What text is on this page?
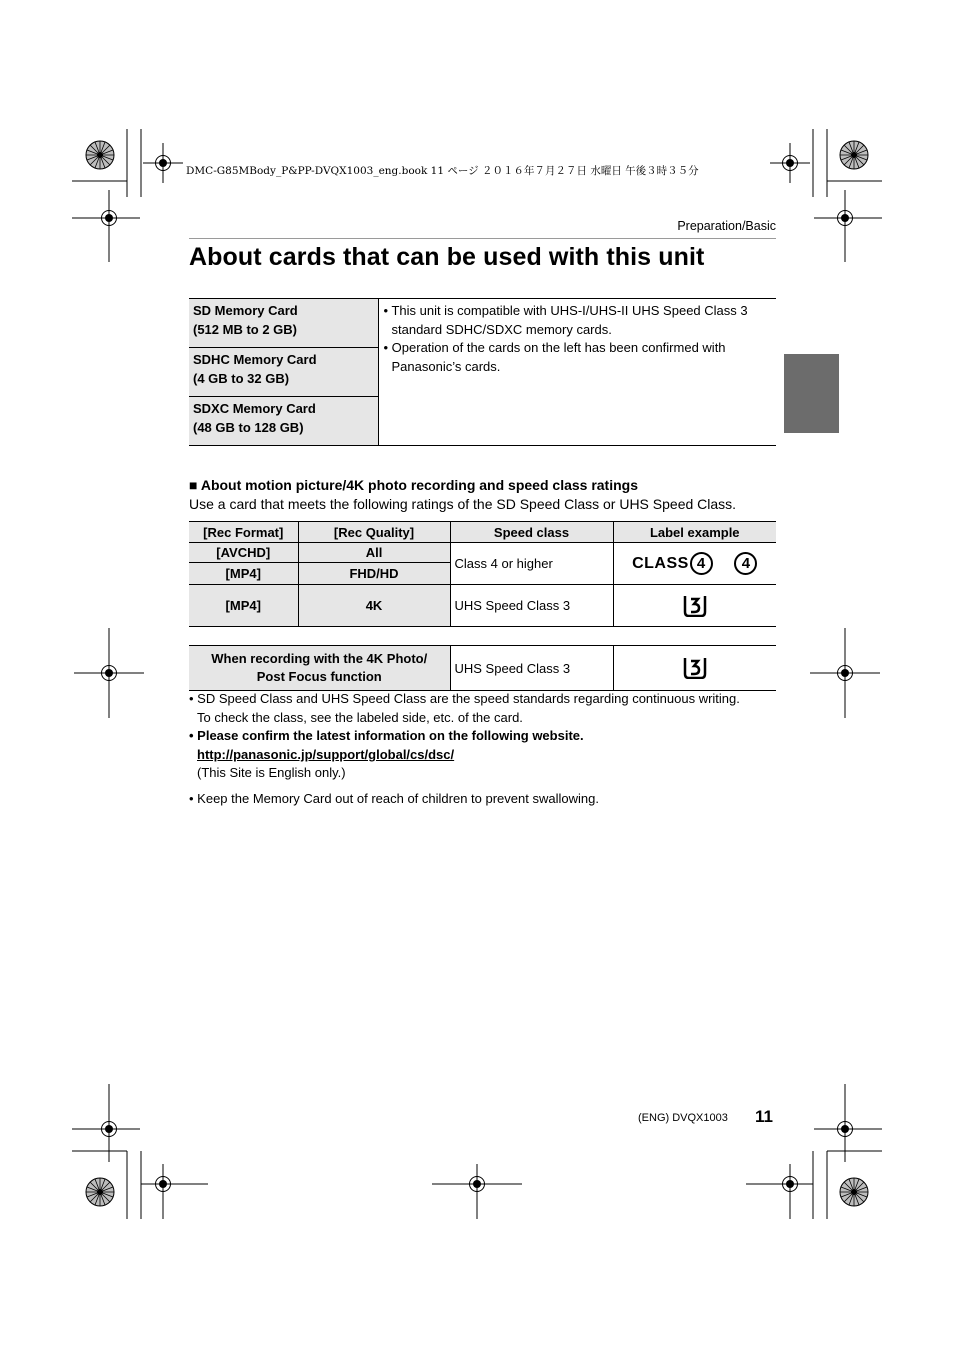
DMC-G85MBody_P&PP-DVQX1003_eng.book 11 ページ ２０１６年７月２７日 水曜日 午後３時３５分
Preparation/Basic
About cards that can be used with this unit
SD Memory Card
(512 MB to 2 GB)	
• This unit is compatible with UHS-I/UHS-II UHS Speed Class 3 standard SDHC/SDXC memory cards.
• Operation of the cards on the left has been confirmed with Panasonic’s cards.

SDHC Memory Card
(4 GB to 32 GB)
SDXC Memory Card
(48 GB to 128 GB)
■ About motion picture/4K photo recording and speed class ratings
Use a card that meets the following ratings of the SD Speed Class or UHS Speed Class.
[Rec Format]	[Rec Quality]	Speed class	Label example
[AVCHD]	All	Class 4 or higher	CLASS 4 4
[MP4]	FHD/HD		
[MP4]	4K	UHS Speed Class 3	
When recording with the 4K Photo/
Post Focus function	UHS Speed Class 3	
• SD Speed Class and UHS Speed Class are the speed standards regarding continuous writing.
To check the class, see the labeled side, etc. of the card.
• Please confirm the latest information on the following website.
http://panasonic.jp/support/global/cs/dsc/
(This Site is English only.)
• Keep the Memory Card out of reach of children to prevent swallowing.
(ENG) DVQX1003 11
